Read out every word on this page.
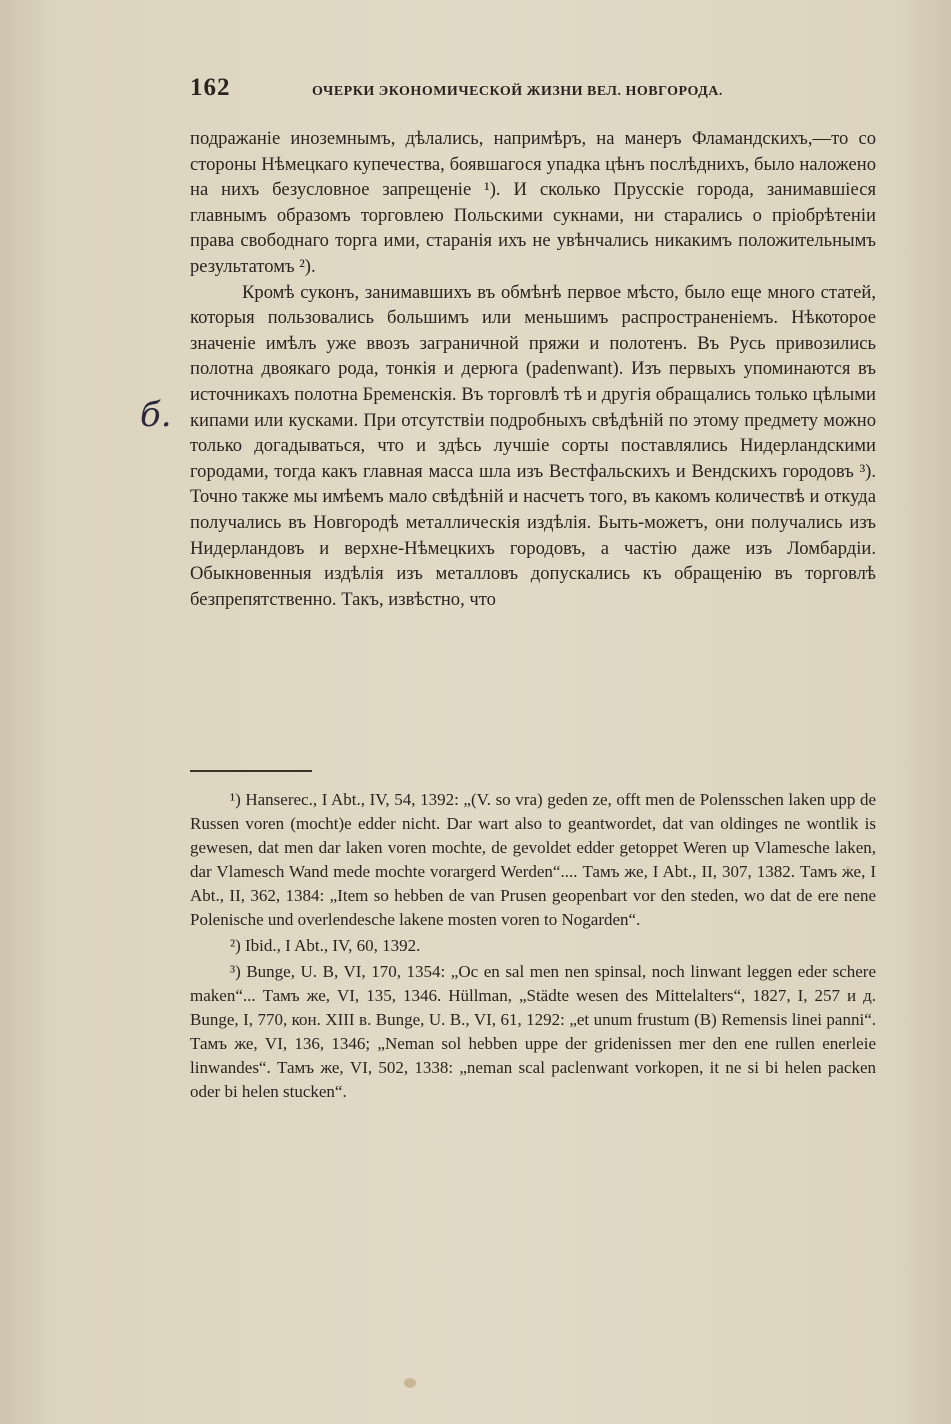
162	ОЧЕРКИ ЭКОНОМИЧЕСКОЙ ЖИЗНИ ВЕЛ. НОВГОРОДА.
б.

подражаніе иноземнымъ, дѣлались, напримѣръ, на манеръ Фламандскихъ,—то со стороны Нѣмецкаго купечества, боявшагося упадка цѣнъ послѣднихъ, было наложено на нихъ безусловное запрещеніе ¹). И сколько Прусскіе города, занимавшіеся главнымъ образомъ торговлею Польскими сукнами, ни старались о пріобрѣтеніи права свободнаго торга ими, старанія ихъ не увѣнчались никакимъ положительнымъ результатомъ ²).

Кромѣ суконъ, занимавшихъ въ обмѣнѣ первое мѣсто, было еще много статей, которыя пользовались большимъ или меньшимъ распространеніемъ. Нѣкоторое значеніе имѣлъ уже ввозъ заграничной пряжи и полотенъ. Въ Русь привозились полотна двоякаго рода, тонкія и дерюга (padenwant). Изъ первыхъ упоминаются въ источникахъ полотна Бременскія. Въ торговлѣ тѣ и другія обращались только цѣлыми кипами или кусками. При отсутствіи подробныхъ свѣдѣній по этому предмету можно только догадываться, что и здѣсь лучшіе сорты поставлялись Нидерландскими городами, тогда какъ главная масса шла изъ Вестфальскихъ и Вендскихъ городовъ ³). Точно также мы имѣемъ мало свѣдѣній и насчетъ того, въ какомъ количествѣ и откуда получались въ Новгородѣ металлическія издѣлія. Быть-можетъ, они получались изъ Нидерландовъ и верхне-Нѣмецкихъ городовъ, а частію даже изъ Ломбардіи. Обыкновенныя издѣлія изъ металловъ допускались къ обращенію въ торговлѣ безпрепятственно. Такъ, извѣстно, что

¹) Hanserec., I Abt., IV, 54, 1392: „(V. so vra) geden ze, offt men de Polensschen laken upp de Russen voren (mocht)e edder nicht. Dar wart also to geantwordet, dat van oldinges ne wontlik is gewesen, dat men dar laken voren mochte, de gevoldet edder getoppet Weren up Vlamesche laken, dar Vlamesch Wand mede mochte vorargerd Werden“.... Тамъ же, I Abt., II, 307, 1382. Тамъ же, I Abt., II, 362, 1384: „Item so hebben de van Prusen geopenbart vor den steden, wo dat de ere nene Polenische und overlendesche lakene mosten voren to Nogarden“.

²) Ibid., I Abt., IV, 60, 1392.

³) Bunge, U. B, VI, 170, 1354: „Oc en sal men nen spinsal, noch linwant leggen eder schere maken“... Тамъ же, VI, 135, 1346. Hüllman, „Städte wesen des Mittelalters“, 1827, I, 257 и д. Bunge, I, 770, кон. XIII в. Bunge, U. B., VI, 61, 1292: „et unum frustum (B) Remensis linei panni“. Тамъ же, VI, 136, 1346; „Neman sol hebben uppe der gridenissen mer den ene rullen enerleie linwandes“. Тамъ же, VI, 502, 1338: „neman scal paclenwant vorkopen, it ne si bi helen packen oder bi helen stucken“.
